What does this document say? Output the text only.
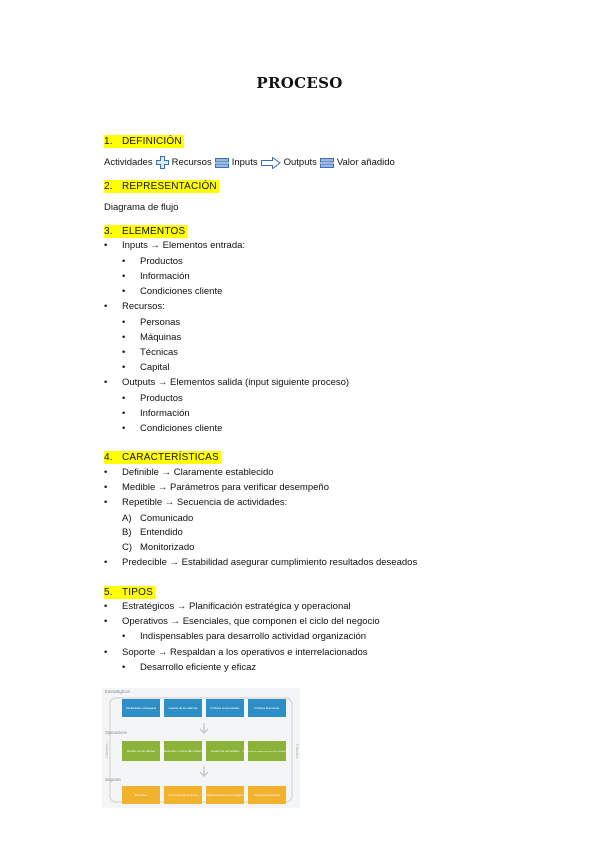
PROCESO
1. DEFINICIÓN
Actividades Recursos Inputs	Outputs Valor añadido
2. REPRESENTACIÓN
Diagrama de flujo
3. ELEMENTOS
• Inputs → Elementos entrada:
• Productos
• Información
• Condiciones cliente
• Recursos:
• Personas
• Máquinas
• Técnicas
• Capital
• Outputs → Elementos salida (input siguiente proceso)
• Productos
• Información
• Condiciones cliente
4. CARACTERÍSTICAS
• Definible → Claramente establecido
• Medible → Parámetros para verificar desempeño
• Repetible → Secuencia de actividades:
A) Comunicado
B) Entendido
C) Monitorizado
• Predecible → Estabilidad asegurar cumplimiento resultados deseados
5. TIPOS
• Estratégicos → Planificación estratégica y operacional
• Operativos → Esenciales, que componen el ciclo del negocio
• Indispensables para desarrollo actividad organización
• Soporte → Respaldan a los operativos e interrelacionados
• Desarrollo eficiente y eficaz
Estratégicos
Operativos
Soporte
Clientes	Clientes
Planificación estratégica	Gestión de los alianzas	Políticas empresariales	Políticas financieras
Gestión de los clientes	Recepción y control del producto	Gestión de los pedidos Gestión de los gastos de viaje de los trabajadores
Mercadeo	Formación del personal	Mantenimiento de los equipos	Recursos financieros
